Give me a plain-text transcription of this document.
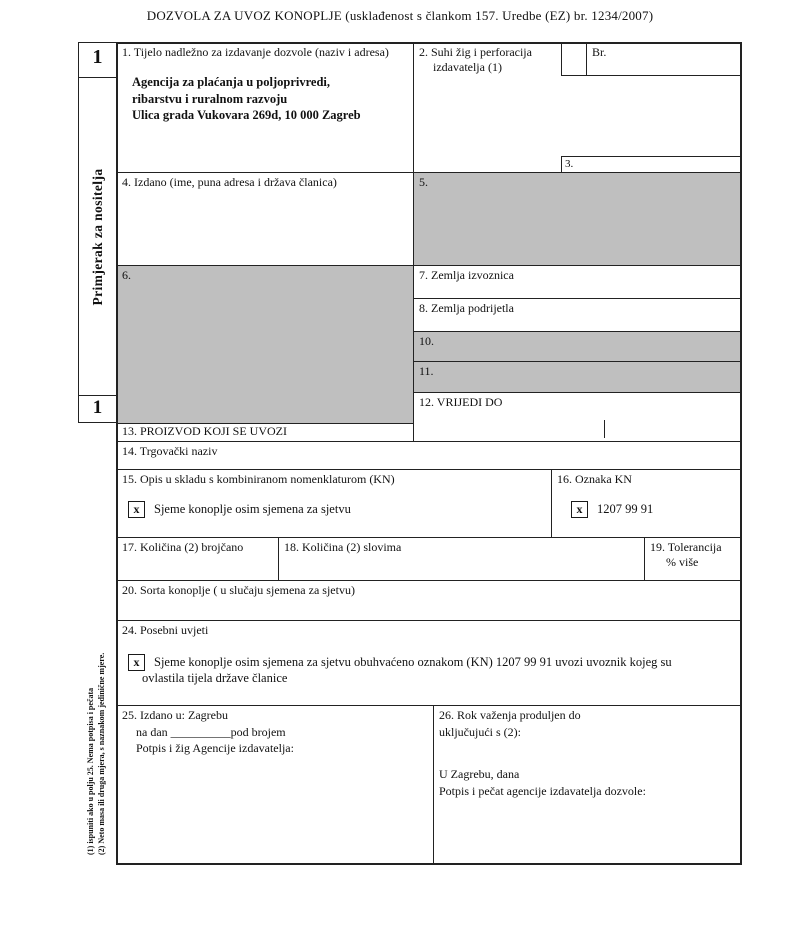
DOZVOLA ZA UVOZ KONOPLJE (usklađenost s člankom 157. Uredbe (EZ) br. 1234/2007)
1
Primjerak za nositelja
1
1. Tijelo nadležno za izdavanje dozvole (naziv i adresa)
Agencija za plaćanja u poljoprivredi,
ribarstvu i ruralnom razvoju
Ulica grada Vukovara 269d, 10 000 Zagreb
2. Suhi žig i perforacija izdavatelja (1)
Br.
3.
4. Izdano (ime, puna adresa i država članica)	5.
6.	7. Zemlja izvoznica
8. Zemlja podrijetla
10.
11.
12. VRIJEDI DO
13. PROIZVOD KOJI SE UVOZI
14. Trgovački naziv
15. Opis u skladu s kombiniranom nomenklaturom (KN)
x	Sjeme konoplje osim sjemena za sjetvu
16. Oznaka KN
x	1207 99 91
17. Količina (2) brojčano	18. Količina (2) slovima	19. Tolerancija
% više
20. Sorta konoplje ( u slučaju sjemena za sjetvu)
24. Posebni uvjeti
x	Sjeme konoplje osim sjemena za sjetvu obuhvaćeno oznakom (KN) 1207 99 91 uvozi uvoznik kojeg su
ovlastila tijela države članice
25. Izdano u: Zagrebu
na dan __________pod brojem
Potpis i žig Agencije izdavatelja:
26. Rok važenja produljen do
uključujući s (2):
U Zagrebu, dana
Potpis i pečat agencije izdavatelja dozvole:
(1) ispuniti ako u polju 25. Nema potpisa i pečata (2) Neto masa ili druga mjera, s naznakom jedinične mjere.
